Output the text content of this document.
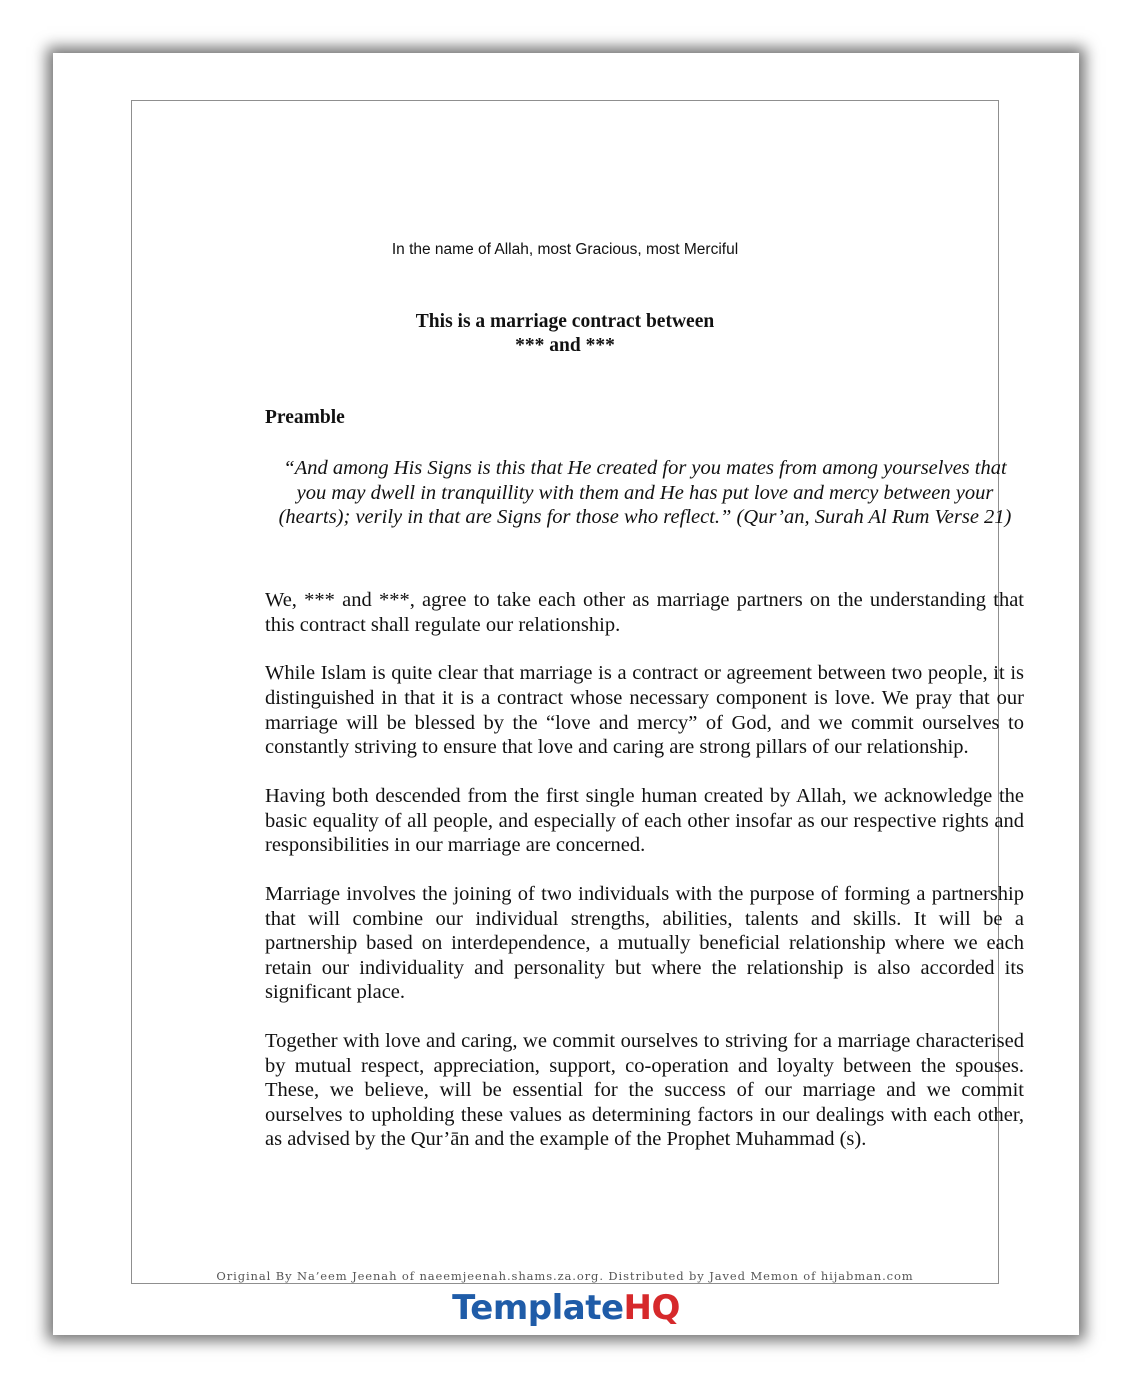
In the name of Allah, most Gracious, most Merciful
This is a marriage contract between
*** and ***
Preamble
“And among His Signs is this that He created for you mates from among yourselves that you may dwell in tranquillity with them and He has put love and mercy between your (hearts); verily in that are Signs for those who reflect.” (Qur’an, Surah Al Rum Verse 21)

We, *** and ***, agree to take each other as marriage partners on the understanding that this contract shall regulate our relationship.

While Islam is quite clear that marriage is a contract or agreement between two people, it is distinguished in that it is a contract whose necessary component is love. We pray that our marriage will be blessed by the “love and mercy” of God, and we commit ourselves to constantly striving to ensure that love and caring are strong pillars of our relationship.

Having both descended from the first single human created by Allah, we acknowledge the basic equality of all people, and especially of each other insofar as our respective rights and responsibilities in our marriage are concerned.

Marriage involves the joining of two individuals with the purpose of forming a partnership that will combine our individual strengths, abilities, talents and skills. It will be a partnership based on interdependence, a mutually beneficial relationship where we each retain our individuality and personality but where the relationship is also accorded its significant place.

Together with love and caring, we commit ourselves to striving for a marriage characterised by mutual respect, appreciation, support, co-operation and loyalty between the spouses. These, we believe, will be essential for the success of our marriage and we commit ourselves to upholding these values as determining factors in our dealings with each other, as advised by the Qur’ān and the example of the Prophet Muhammad (s).

Original By Na’eem Jeenah of naeemjeenah.shams.za.org. Distributed by Javed Memon of hijabman.com
TemplateHQ
